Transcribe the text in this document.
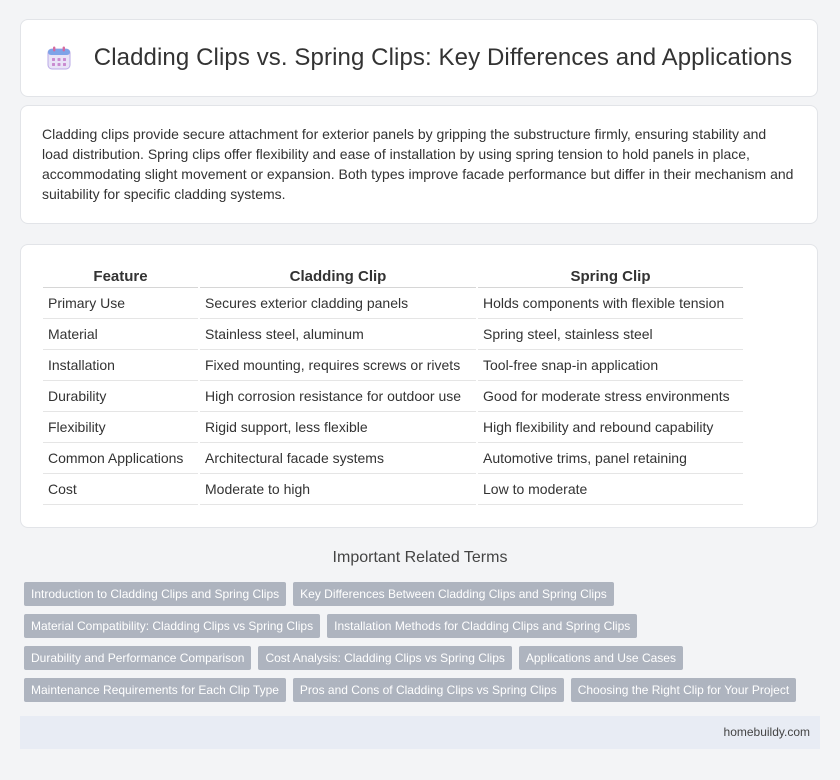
Cladding Clips vs. Spring Clips: Key Differences and Applications

Cladding clips provide secure attachment for exterior panels by gripping the substructure firmly, ensuring stability and load distribution. Spring clips offer flexibility and ease of installation by using spring tension to hold panels in place, accommodating slight movement or expansion. Both types improve facade performance but differ in their mechanism and suitability for specific cladding systems.

Feature	Cladding Clip	Spring Clip
Primary Use	Secures exterior cladding panels	Holds components with flexible tension
Material	Stainless steel, aluminum	Spring steel, stainless steel
Installation	Fixed mounting, requires screws or rivets	Tool-free snap-in application
Durability	High corrosion resistance for outdoor use	Good for moderate stress environments
Flexibility	Rigid support, less flexible	High flexibility and rebound capability
Common Applications	Architectural facade systems	Automotive trims, panel retaining
Cost	Moderate to high	Low to moderate
Important Related Terms
Introduction to Cladding Clips and Spring Clips	Key Differences Between Cladding Clips and Spring Clips
Material Compatibility: Cladding Clips vs Spring Clips	Installation Methods for Cladding Clips and Spring Clips
Durability and Performance Comparison	Cost Analysis: Cladding Clips vs Spring Clips	Applications and Use Cases
Maintenance Requirements for Each Clip Type	Pros and Cons of Cladding Clips vs Spring Clips	Choosing the Right Clip for Your Project
homebuildy.com
